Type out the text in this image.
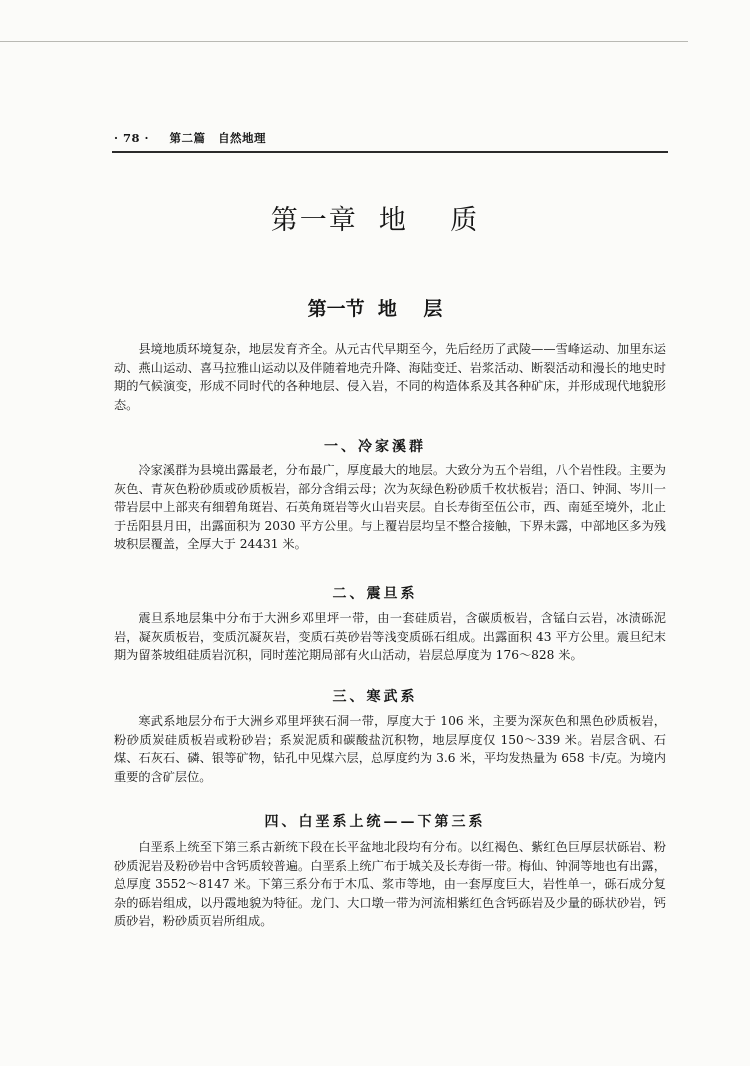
· 78 · 第二篇 自然地理
第一章  地    质
第一节  地    层

县境地质环境复杂，地层发育齐全。从元古代早期至今，先后经历了武陵——雪峰运动、加里东运动、燕山运动、喜马拉雅山运动以及伴随着地壳升降、海陆变迁、岩浆活动、断裂活动和漫长的地史时期的气候演变，形成不同时代的各种地层、侵入岩，不同的构造体系及其各种矿床，并形成现代地貌形态。

一、冷家溪群

冷家溪群为县境出露最老，分布最广，厚度最大的地层。大致分为五个岩组，八个岩性段。主要为灰色、青灰色粉砂质或砂质板岩，部分含绢云母；次为灰绿色粉砂质千枚状板岩；浯口、钟洞、岑川一带岩层中上部夹有细碧角斑岩、石英角斑岩等火山岩夹层。自长寿街至伍公市，西、南延至境外，北止于岳阳县月田，出露面积为 2030 平方公里。与上覆岩层均呈不整合接触，下界未露，中部地区多为残坡积层覆盖，全厚大于 24431 米。

二、震旦系

震旦系地层集中分布于大洲乡邓里坪一带，由一套硅质岩，含碳质板岩，含锰白云岩，冰渍砾泥岩，凝灰质板岩，变质沉凝灰岩，变质石英砂岩等浅变质砾石组成。出露面积 43 平方公里。震旦纪末期为留茶坡组硅质岩沉积，同时莲沱期局部有火山活动，岩层总厚度为 176～828 米。

三、寒武系

寒武系地层分布于大洲乡邓里坪狭石洞一带，厚度大于 106 米，主要为深灰色和黑色砂质板岩，粉砂质炭硅质板岩或粉砂岩；系炭泥质和碳酸盐沉积物，地层厚度仅 150～339 米。岩层含矾、石煤、石灰石、磷、银等矿物，钻孔中见煤六层，总厚度约为 3.6 米，平均发热量为 658 卡/克。为境内重要的含矿层位。

四、白垩系上统——下第三系

白垩系上统至下第三系古新统下段在长平盆地北段均有分布。以红褐色、紫红色巨厚层状砾岩、粉砂质泥岩及粉砂岩中含钙质较普遍。白垩系上统广布于城关及长寿街一带。梅仙、钟洞等地也有出露，总厚度 3552～8147 米。下第三系分布于木瓜、浆市等地，由一套厚度巨大，岩性单一，砾石成分复杂的砾岩组成，以丹霞地貌为特征。龙门、大口墩一带为河流相紫红色含钙砾岩及少量的砾状砂岩，钙质砂岩，粉砂质页岩所组成。
